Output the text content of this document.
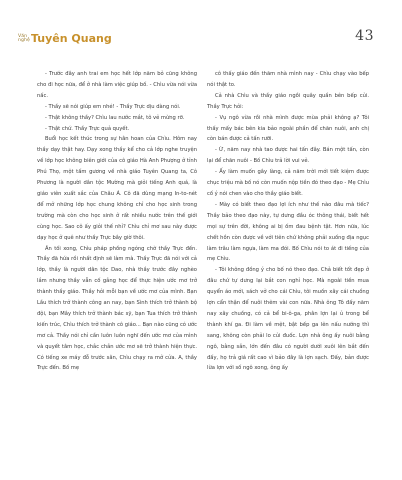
Văn
nghệ Tuyên Quang	43

- Trước đây anh trai em học hết lớp năm bỏ cũng không cho đi học nữa, để ở nhà làm việc giúp bố. - Chìu vừa nói vừa nấc.

- Thầy sẽ nói giúp em nhé! - Thầy Trực dịu dàng nói.

- Thật không thầy? Chìu lau nước mắt, tô vẻ mừng rỡ.

- Thật chứ. Thầy Trực quả quyết.

Buổi học kết thúc trong sự hân hoan của Chìu. Hôm nay thầy dạy thật hay. Dạy xong thầy kể cho cả lớp nghe truyện về lớp học không biên giới của cô giáo Hà Anh Phượng ở tỉnh Phú Thọ, một tấm gương về nhà giáo Tuyên Quang ta, Cô Phương là người dân tộc Mường mà giỏi tiếng Anh quá, là giáo viên xuất sắc của Châu Á. Cô đã dùng mạng In-to-nét để mở những lớp học chung không chỉ cho học sinh trong trường mà còn cho học sinh ở rất nhiều nước trên thế giới cùng học. Sao cô ấy giỏi thế nhỉ? Chìu chỉ mơ sau này được dạy học ở quê như thầy Trực bây giờ thôi.

Ăn tối xong, Chìu pháp phồng ngóng chờ thầy Trực đến. Thầy đã hứa rồi nhất định sẽ làm mà. Thầy Trực đã nói với cả lớp, thầy là người dân tộc Dao, nhà thầy trước đây nghèo lắm nhưng thầy vẫn cố gắng học để thực hiện ước mơ trở thành thầy giáo. Thầy hỏi mỗi bạn về ước mơ của mình. Bạn Lầu thích trở thành công an nay, bạn Sình thích trở thành bộ đội, bạn Mây thích trở thành bác sỹ, bạn Tua thích trở thành kiến trúc, Chìu thích trở thành cô giáo... Bạn nào cũng có ước mơ cả. Thầy nói chỉ cần luôn luôn nghĩ đến ước mơ của mình và quyết tâm học, chắc chắn ước mơ sẽ trở thành hiện thực. Có tiếng xe máy đỗ trước sân, Chìu chạy ra mở cửa. A, thầy Trực đến. Bố mẹ

cô thấy giáo đến thăm nhà mình nay - Chìu chạy vào bếp nói thật to.

Cả nhà Chìu và thầy giáo ngồi quây quần bên bếp củi. Thầy Trực hỏi:

- Vụ ngô vừa rồi nhà mình được mùa phải không ạ? Tôi thấy mấy bác bên kia bảo ngoài phần để chăn nuôi, anh chị còn bán được cả tấn rưỡi.

- Ừ, năm nay nhà tao được hai tấn đây. Bán một tấn, còn lại để chăn nuôi - Bố Chìu trả lời vui vẻ.

- Ấy làm muốn gây làng, cả năm trời mới tiết kiệm được chục triệu mà bố nó còn muốn nộp tiền đó theo đạo - Mẹ Chìu cố ý nói chen vào cho thầy giáo biết.

- Mày có biết theo đạo lợi ích như thế nào đâu mà tiếc? Thầy bảo theo đạo này, tự dưng đầu óc thông thái, biết hết mọi sự trên đời, không ai bị ốm đau bệnh tật. Hơn nữa, lúc chết hồn còn được về với tiên chứ không phải xuống địa ngục làm trâu làm ngựa, làm ma đói. Bố Chìu nói to át đi tiếng của mẹ Chìu.

- Tôi không đồng ý cho bố nó theo đạo. Chả biết tốt đẹp ở đâu chứ tự dưng lại bắt con nghỉ học. Mà ngoài tiền mua quyển áo mới, sách vở cho cái Chìu, tôi muốn xây cái chuồng lợn cẩn thận để nuôi thêm vài con nữa. Nhà ông Tô đấy năm nay xây chuồng, có cả bể bi-ô-ga, phân lợn lại ủ trong bể thành khí ga. Đi làm về mệt, bật bếp ga lên nấu nướng thì sang, không còn phải lo củi đuốc. Lợn nhà ông ấy nuôi bằng ngô, bằng sắn, lớn đến đâu có người dưới xuôi lên bắt đến đấy, họ trả giá rất cao vì bảo đây là lợn sạch. Đấy, bản được lừa lợn với số ngô xong, ông ấy
